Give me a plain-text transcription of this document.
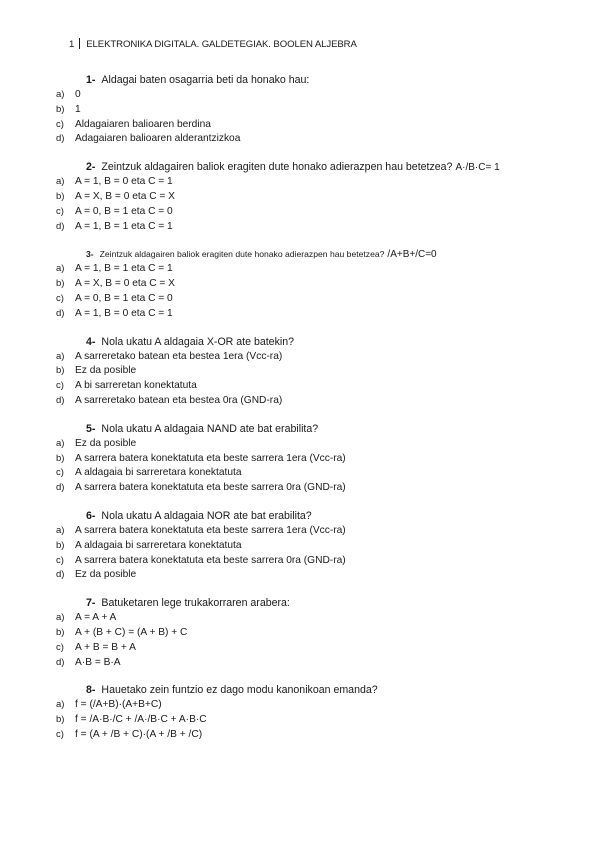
1 ELEKTRONIKA DIGITALA. GALDETEGIAK. BOOLEN ALJEBRA
1- Aldagai baten osagarria beti da honako hau:
a) 0
b) 1
c) Aldagaiaren balioaren berdina
d) Adagaiaren balioaren alderantzizkoa
2- Zeintzuk aldagairen baliok eragiten dute honako adierazpen hau betetzea? A·/B·C= 1
a) A = 1, B = 0 eta C = 1
b) A = X, B = 0 eta C = X
c) A = 0, B = 1 eta C = 0
d) A = 1, B = 1 eta C = 1
3- Zeintzuk aldagairen baliok eragiten dute honako adierazpen hau betetzea? /A+B+/C=0
a) A = 1, B = 1 eta C = 1
b) A = X, B = 0 eta C = X
c) A = 0, B = 1 eta C = 0
d) A = 1, B = 0 eta C = 1
4- Nola ukatu A aldagaia X-OR ate batekin?
a) A sarreretako batean eta bestea 1era (Vcc-ra)
b) Ez da posible
c) A bi sarreretan konektatuta
d) A sarreretako batean eta bestea 0ra (GND-ra)
5- Nola ukatu A aldagaia NAND ate bat erabilita?
a) Ez da posible
b) A sarrera batera konektatuta eta beste sarrera 1era (Vcc-ra)
c) A aldagaia bi sarreretara konektatuta
d) A sarrera batera konektatuta eta beste sarrera 0ra (GND-ra)
6- Nola ukatu A aldagaia NOR ate bat erabilita?
a) A sarrera batera konektatuta eta beste sarrera 1era (Vcc-ra)
b) A aldagaia bi sarreretara konektatuta
c) A sarrera batera konektatuta eta beste sarrera 0ra (GND-ra)
d) Ez da posible
7- Batuketaren lege trukakorraren arabera:
a) A = A + A
b) A + (B + C) = (A + B) + C
c) A + B = B + A
d) A·B = B·A
8- Hauetako zein funtzio ez dago modu kanonikoan emanda?
a) f = (/A+B)·(A+B+C)
b) f = /A·B·/C + /A·/B·C + A·B·C
c) f = (A + /B + C)·(A + /B + /C)
